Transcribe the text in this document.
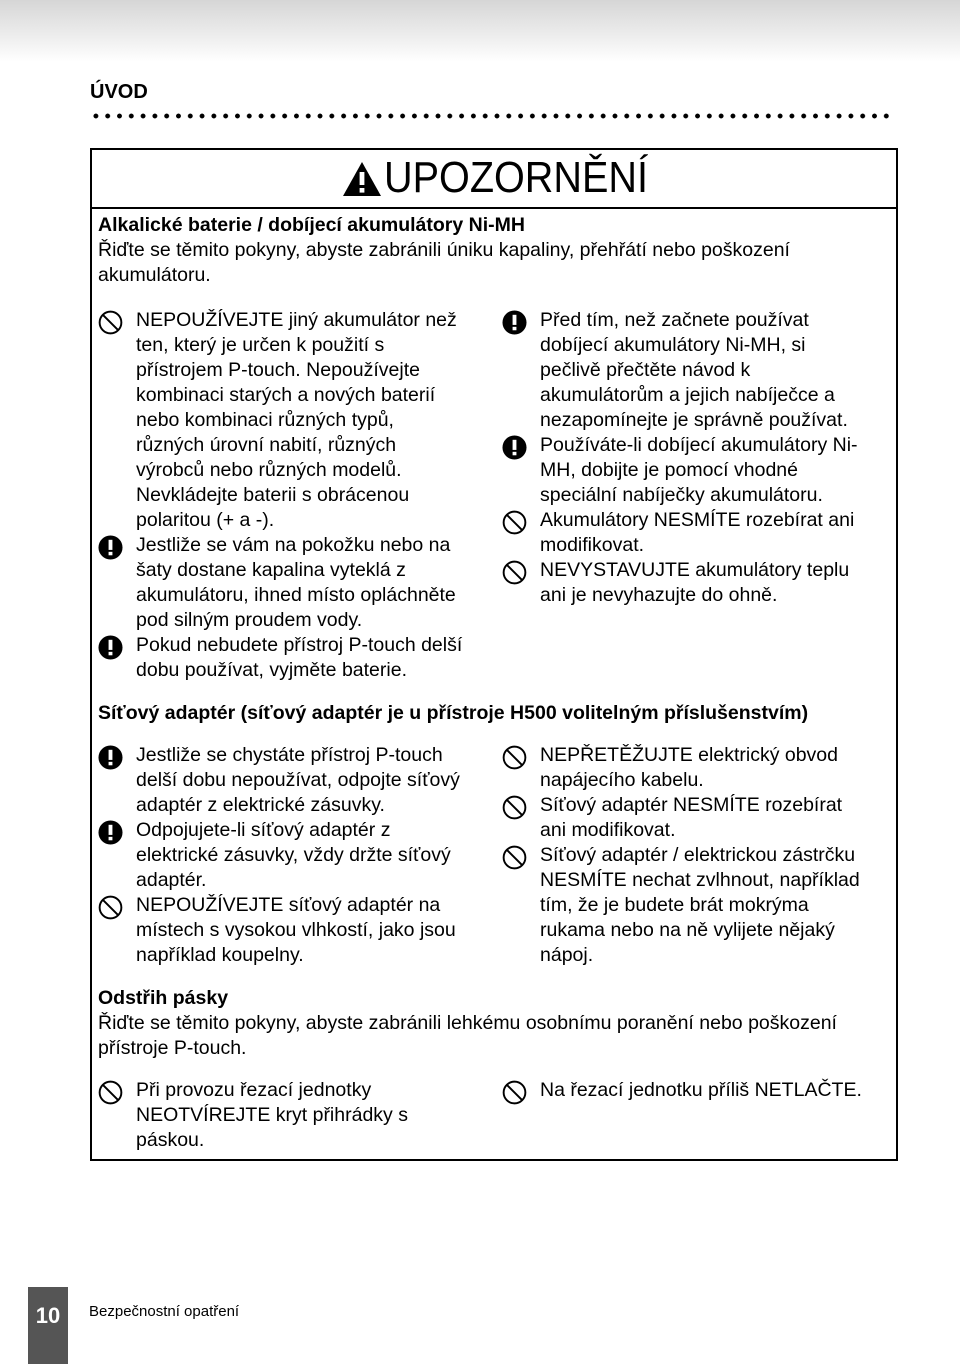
ÚVOD
UPOZORNĚNÍ
Alkalické baterie / dobíjecí akumulátory Ni-MH
Řiďte se těmito pokyny, abyste zabránili úniku kapaliny, přehřátí nebo poškození
akumulátoru.
NEPOUŽÍVEJTE jiný akumulátor než
ten, který je určen k použití s
přístrojem P-touch. Nepoužívejte
kombinaci starých a nových baterií
nebo kombinaci různých typů,
různých úrovní nabití, různých
výrobců nebo různých modelů.
Nevkládejte baterii s obrácenou
polaritou (+ a -).
Jestliže se vám na pokožku nebo na
šaty dostane kapalina vyteklá z
akumulátoru, ihned místo opláchněte
pod silným proudem vody.
Pokud nebudete přístroj P-touch delší
dobu používat, vyjměte baterie.
Před tím, než začnete používat
dobíjecí akumulátory Ni-MH, si
pečlivě přečtěte návod k
akumulátorům a jejich nabíječce a
nezapomínejte je správně používat.
Používáte-li dobíjecí akumulátory Ni-
MH, dobijte je pomocí vhodné
speciální nabíječky akumulátoru.
Akumulátory NESMÍTE rozebírat ani
modifikovat.
NEVYSTAVUJTE akumulátory teplu
ani je nevyhazujte do ohně.
Síťový adaptér (síťový adaptér je u přístroje H500 volitelným příslušenstvím)
Jestliže se chystáte přístroj P-touch
delší dobu nepoužívat, odpojte síťový
adaptér z elektrické zásuvky.
Odpojujete-li síťový adaptér z
elektrické zásuvky, vždy držte síťový
adaptér.
NEPOUŽÍVEJTE síťový adaptér na
místech s vysokou vlhkostí, jako jsou
například koupelny.
NEPŘETĚŽUJTE elektrický obvod
napájecího kabelu.
Síťový adaptér NESMÍTE rozebírat
ani modifikovat.
Síťový adaptér / elektrickou zástrčku
NESMÍTE nechat zvlhnout, například
tím, že je budete brát mokrýma
rukama nebo na ně vylijete nějaký
nápoj.
Odstřih pásky
Řiďte se těmito pokyny, abyste zabránili lehkému osobnímu poranění nebo poškození
přístroje P-touch.
Při provozu řezací jednotky
NEOTVÍREJTE kryt přihrádky s
páskou.
Na řezací jednotku příliš NETLAČTE.
10	Bezpečnostní opatření
